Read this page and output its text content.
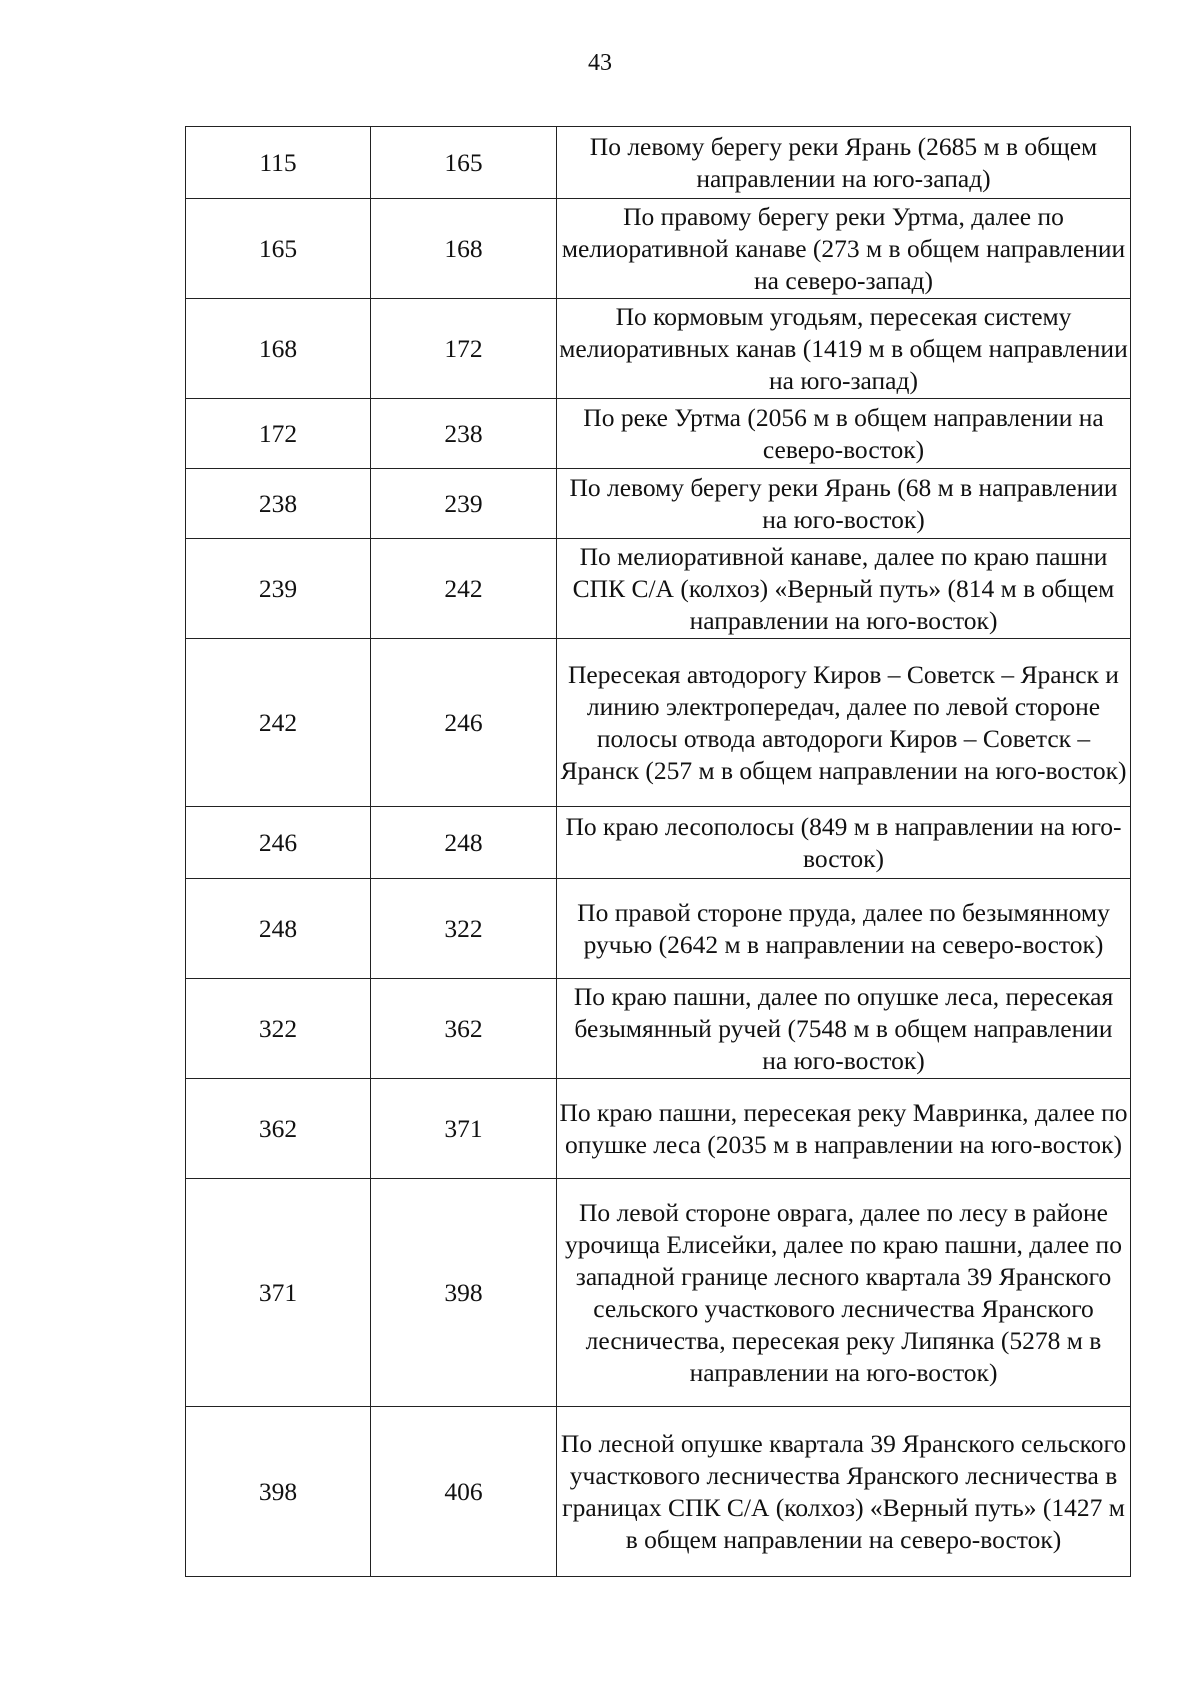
43
115	165	По левому берегу реки Ярань (2685 м в общем направлении на юго-запад)
165	168	По правому берегу реки Уртма, далее по мелиоративной канаве (273 м в общем направлении на северо-запад)
168	172	По кормовым угодьям, пересекая систему мелиоративных канав (1419 м в общем направлении на юго-запад)
172	238	По реке Уртма (2056 м в общем направлении на северо-восток)
238	239	По левому берегу реки Ярань (68 м в направлении на юго-восток)
239	242	По мелиоративной канаве, далее по краю пашни СПК С/А (колхоз) «Верный путь» (814 м в общем направлении на юго-восток)
242	246	Пересекая автодорогу Киров – Советск – Яранск и линию электропередач, далее по левой стороне полосы отвода автодороги Киров – Советск – Яранск (257 м в общем направлении на юго-восток)
246	248	По краю лесополосы (849 м в направлении на юго-восток)
248	322	По правой стороне пруда, далее по безымянному ручью (2642 м в направлении на северо-восток)
322	362	По краю пашни, далее по опушке леса, пересекая безымянный ручей (7548 м в общем направлении на юго-восток)
362	371	По краю пашни, пересекая реку Мавринка, далее по опушке леса (2035 м в направлении на юго-восток)
371	398	По левой стороне оврага, далее по лесу в районе урочища Елисейки, далее по краю пашни, далее по западной границе лесного квартала 39 Яранского сельского участкового лесничества Яранского лесничества, пересекая реку Липянка (5278 м в направлении на юго-восток)
398	406	По лесной опушке квартала 39 Яранского сельского участкового лесничества Яранского лесничества в границах СПК С/А (колхоз) «Верный путь» (1427 м в общем направлении на северо-восток)
